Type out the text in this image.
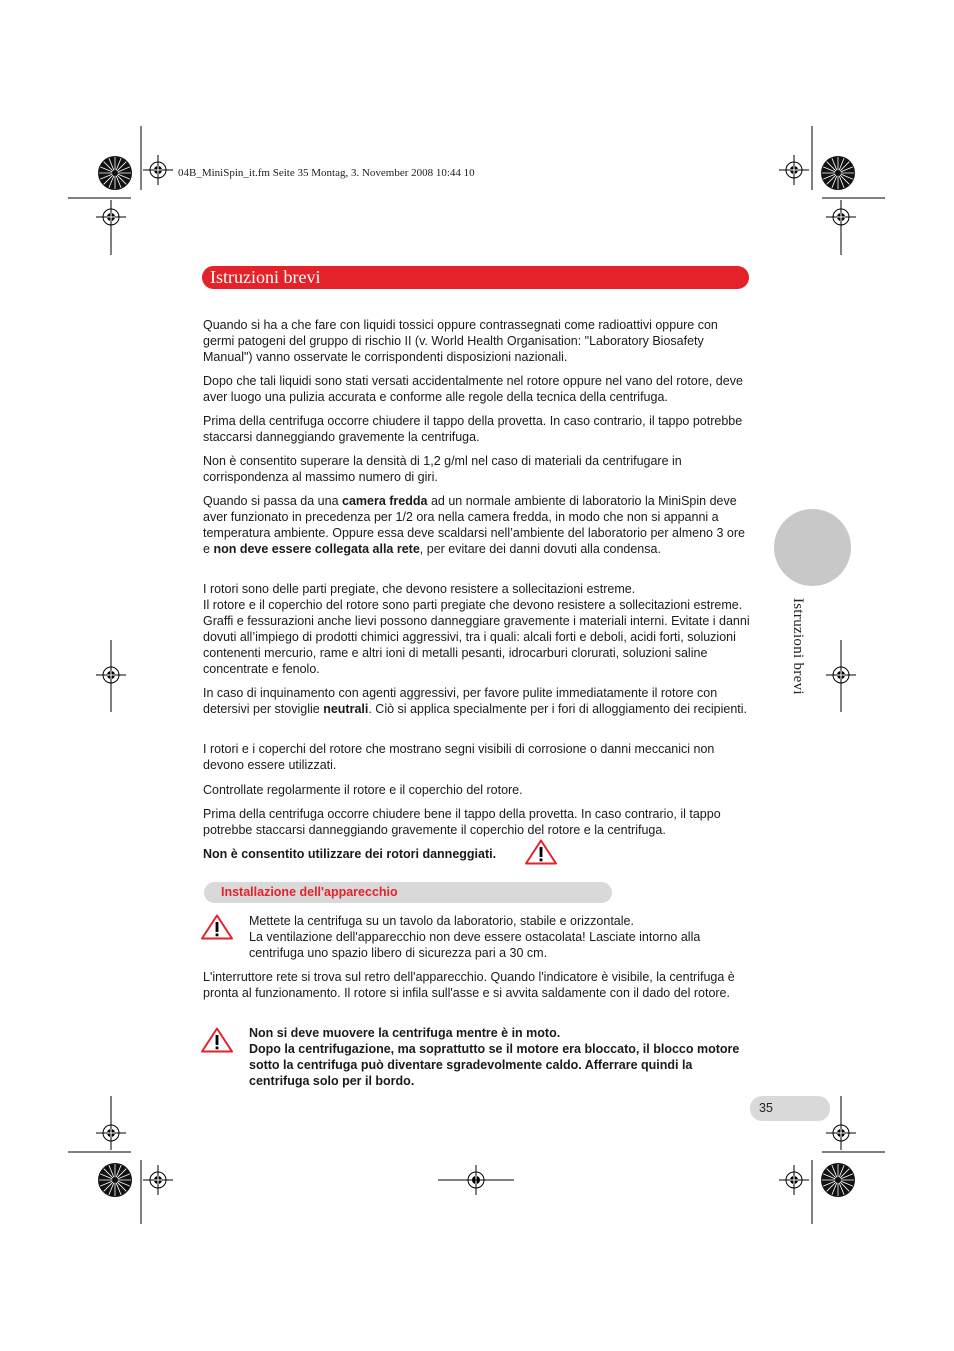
04B_MiniSpin_it.fm Seite 35 Montag, 3. November 2008 10:44 10
Istruzioni brevi
Istruzioni brevi

Quando si ha a che fare con liquidi tossici oppure contrassegnati come radioattivi oppure con germi patogeni del gruppo di rischio II (v. World Health Organisation: "Laboratory Biosafety Manual") vanno osservate le corrispondenti disposizioni nazionali.

Dopo che tali liquidi sono stati versati accidentalmente nel rotore oppure nel vano del rotore, deve aver luogo una pulizia accurata e conforme alle regole della tecnica della centrifuga.

Prima della centrifuga occorre chiudere il tappo della provetta. In caso contrario, il tappo potrebbe staccarsi danneggiando gravemente la centrifuga.

Non è consentito superare la densità di 1,2 g/ml nel caso di materiali da centrifugare in corrispondenza al massimo numero di giri.

Quando si passa da una camera fredda ad un normale ambiente di laboratorio la MiniSpin deve aver funzionato in precedenza per 1/2 ora nella camera fredda, in modo che non si appanni a temperatura ambiente. Oppure essa deve scaldarsi nell’ambiente del laboratorio per almeno 3 ore e non deve essere collegata alla rete, per evitare dei danni dovuti alla condensa.

I rotori sono delle parti pregiate, che devono resistere a sollecitazioni estreme.

Il rotore e il coperchio del rotore sono parti pregiate che devono resistere a sollecitazioni estreme. Graffi e fessurazioni anche lievi possono danneggiare gravemente i materiali interni. Evitate i danni dovuti all’impiego di prodotti chimici aggressivi, tra i quali: alcali forti e deboli, acidi forti, soluzioni contenenti mercurio, rame e altri ioni di metalli pesanti, idrocarburi clorurati, soluzioni saline concentrate e fenolo.

In caso di inquinamento con agenti aggressivi, per favore pulite immediatamente il rotore con detersivi per stoviglie neutrali. Ciò si applica specialmente per i fori di alloggiamento dei recipienti.

I rotori e i coperchi del rotore che mostrano segni visibili di corrosione o danni meccanici non devono essere utilizzati.

Controllate regolarmente il rotore e il coperchio del rotore.

Prima della centrifuga occorre chiudere bene il tappo della provetta. In caso contrario, il tappo potrebbe staccarsi danneggiando gravemente il coperchio del rotore e la centrifuga.

Non è consentito utilizzare dei rotori danneggiati.

Installazione dell'apparecchio

Mettete la centrifuga su un tavolo da laboratorio, stabile e orizzontale.

La ventilazione dell'apparecchio non deve essere ostacolata! Lasciate intorno alla centrifuga uno spazio libero di sicurezza pari a 30 cm.

L'interruttore rete si trova sul retro dell'apparecchio. Quando l'indicatore è visibile, la centrifuga è pronta al funzionamento. Il rotore si infila sull'asse e si avvita saldamente con il dado del rotore.

Non si deve muovere la centrifuga mentre è in moto.

Dopo la centrifugazione, ma soprattutto se il motore era bloccato, il blocco motore sotto la centrifuga può diventare sgradevolmente caldo. Afferrare quindi la centrifuga solo per il bordo.

35
